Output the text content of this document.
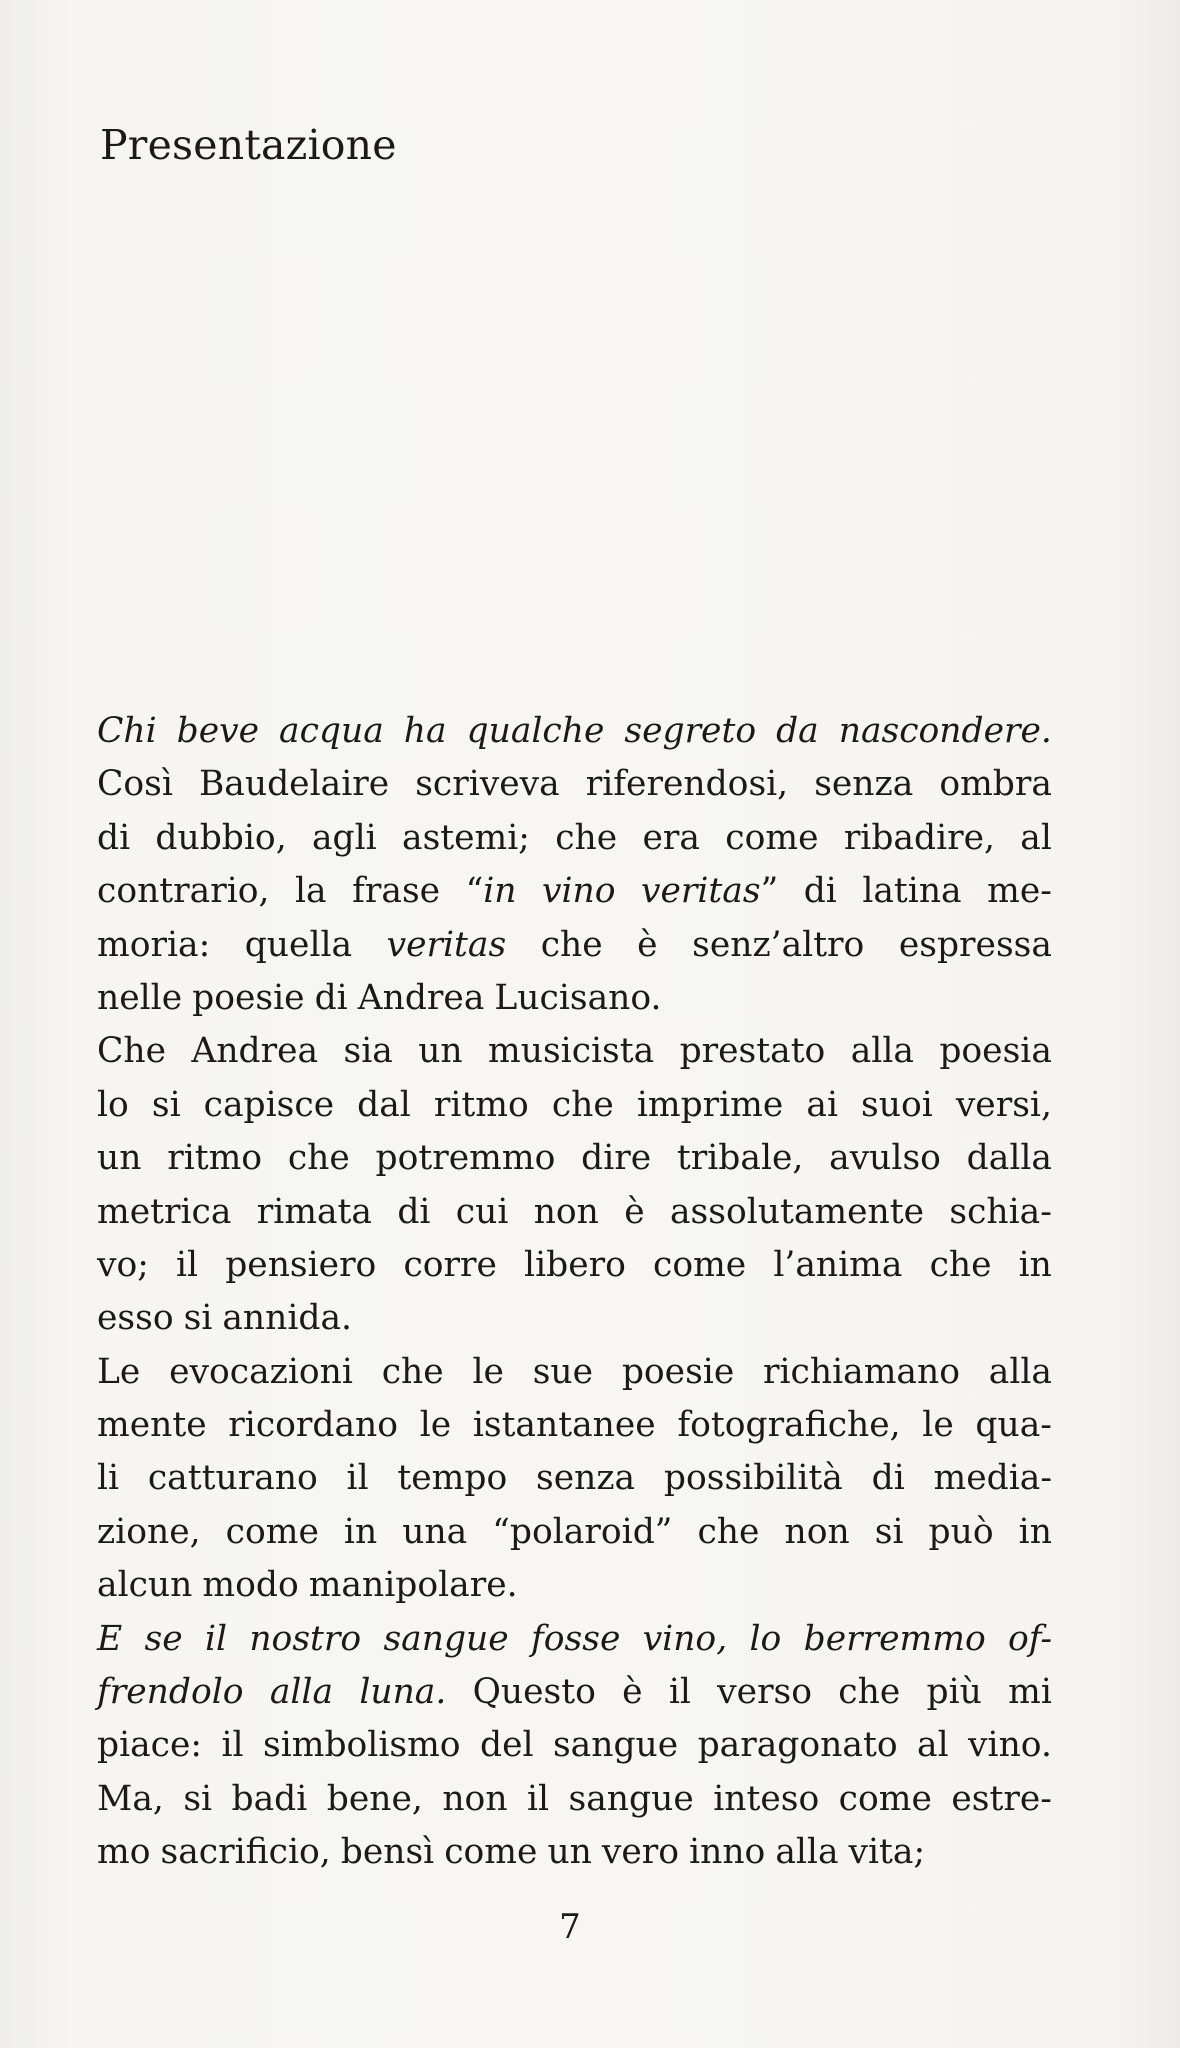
Presentazione
Chi beve acqua ha qualche segreto da nascondere.
Così Baudelaire scriveva riferendosi, senza ombra
di dubbio, agli astemi; che era come ribadire, al
contrario, la frase “in vino veritas” di latina me-
moria: quella veritas che è senz’altro espressa
nelle poesie di Andrea Lucisano.
Che Andrea sia un musicista prestato alla poesia
lo si capisce dal ritmo che imprime ai suoi versi,
un ritmo che potremmo dire tribale, avulso dalla
metrica rimata di cui non è assolutamente schia-
vo; il pensiero corre libero come l’anima che in
esso si annida.
Le evocazioni che le sue poesie richiamano alla
mente ricordano le istantanee fotografiche, le qua-
li catturano il tempo senza possibilità di media-
zione, come in una “polaroid” che non si può in
alcun modo manipolare.
E se il nostro sangue fosse vino, lo berremmo of-
frendolo alla luna. Questo è il verso che più mi
piace: il simbolismo del sangue paragonato al vino.
Ma, si badi bene, non il sangue inteso come estre-
mo sacrificio, bensì come un vero inno alla vita;
7
